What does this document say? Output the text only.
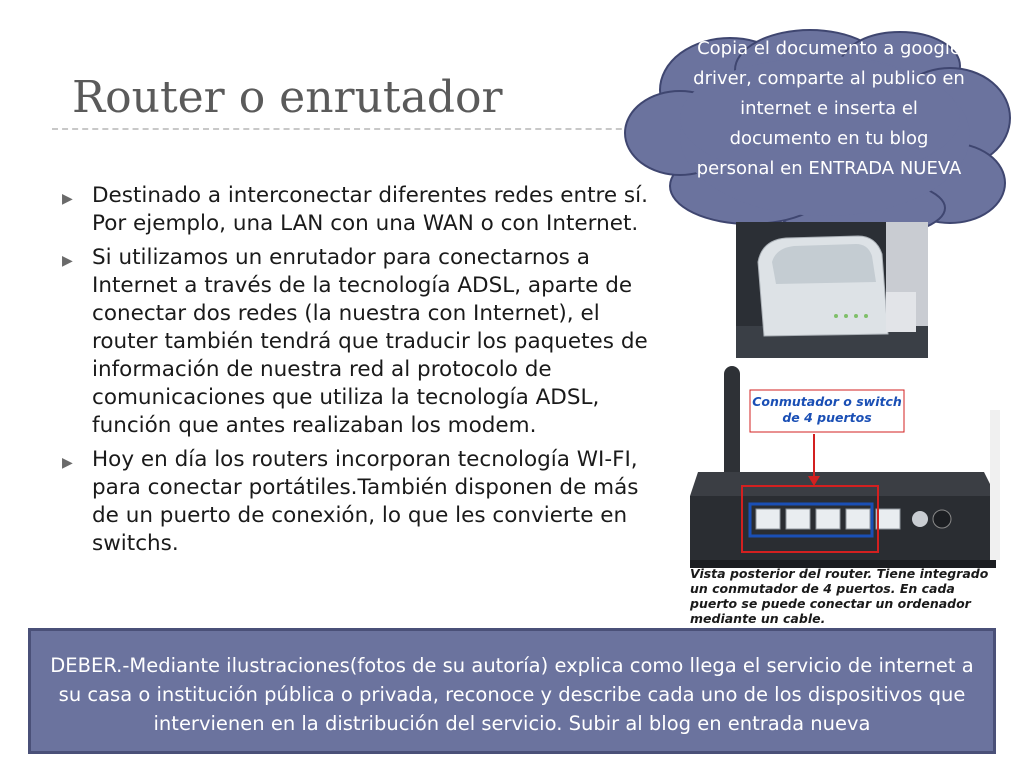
Router o enrutador
▶ Destinado a interconectar diferentes redes entre sí. Por ejemplo, una LAN con una WAN o con Internet.
▶ Si utilizamos un enrutador para conectarnos a Internet a través de la tecnología ADSL, aparte de conectar dos redes (la nuestra con Internet), el router también tendrá que traducir los paquetes de información de nuestra red al protocolo de comunicaciones que utiliza la tecnología ADSL, función que antes realizaban los modem.
▶ Hoy en día los routers incorporan tecnología WI-FI, para conectar portátiles.También disponen de más de un puerto de conexión, lo que les convierte en switchs.
Copia el documento a google driver, comparte al publico en internet e inserta el documento en tu blog personal en ENTRADA NUEVA
Conmutador o switch de 4 puertos
Vista posterior del router. Tiene integrado un conmutador de 4 puertos. En cada puerto se puede conectar un ordenador mediante un cable.
DEBER.-Mediante ilustraciones(fotos de su autoría) explica como llega el servicio de internet a su casa o institución pública o privada, reconoce y describe cada uno de los dispositivos que intervienen en la distribución del servicio. Subir al blog en entrada nueva
